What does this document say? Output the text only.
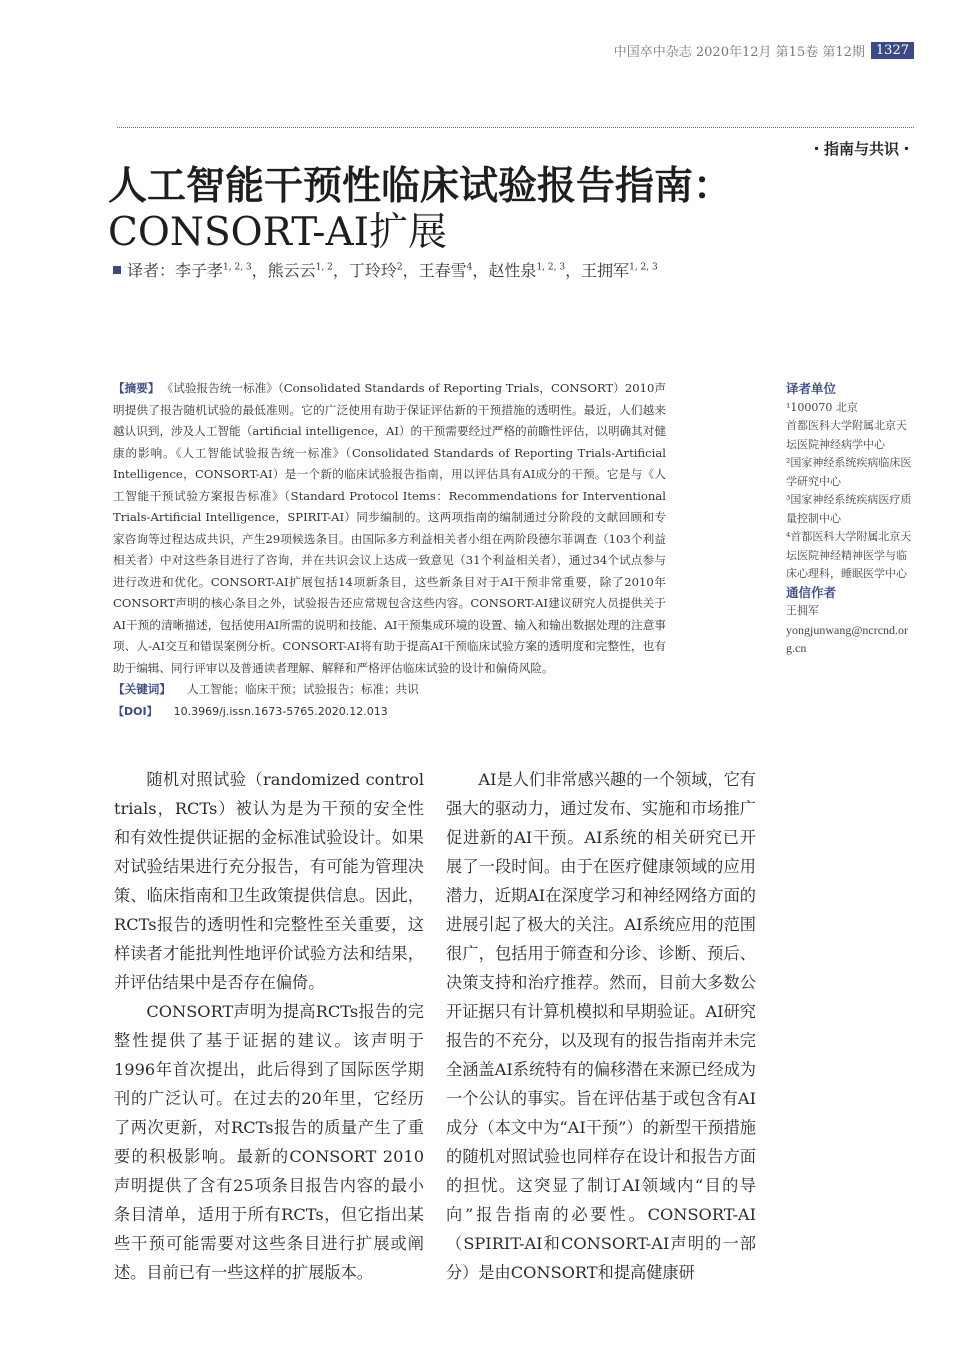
中国卒中杂志
2020年12月
第15卷
第12期 1327
・指南与共识・
人工智能干预性临床试验报告指南：
CONSORT-AI扩展
译者：李子孝$^{1, 2, 3}$，熊云云$^{1, 2}$，丁玲玲$^2$，王春雪$^4$，赵性泉$^{1, 2, 3}$，王拥军$^{1, 2, 3}$

【摘要】 《试验报告统一标准》（Consolidated Standards of Reporting Trials，CONSORT）2010声明提供了报告随机试验的最低准则。它的广泛使用有助于保证评估新的干预措施的透明性。最近，人们越来越认识到，涉及人工智能（artificial intelligence，AI）的干预需要经过严格的前瞻性评估，以明确其对健康的影响。《人工智能试验报告统一标准》（Consolidated Standards of Reporting Trials-Artificial Intelligence，CONSORT-AI）是一个新的临床试验报告指南，用以评估具有AI成分的干预。它是与《人工智能干预试验方案报告标准》（Standard Protocol Items：Recommendations for Interventional Trials-Artificial Intelligence，SPIRIT-AI）同步编制的。这两项指南的编制通过分阶段的文献回顾和专家咨询等过程达成共识，产生29项候选条目。由国际多方利益相关者小组在两阶段德尔菲调查（103个利益相关者）中对这些条目进行了咨询，并在共识会议上达成一致意见（31个利益相关者），通过34个试点参与进行改进和优化。CONSORT-AI扩展包括14项新条目，这些新条目对于AI干预非常重要，除了2010年CONSORT声明的核心条目之外，试验报告还应常规包含这些内容。CONSORT-AI建议研究人员提供关于AI干预的清晰描述，包括使用AI所需的说明和技能、AI干预集成环境的设置、输入和输出数据处理的注意事项、人-AI交互和错误案例分析。CONSORT-AI将有助于提高AI干预临床试验方案的透明度和完整性，也有助于编辑、同行评审以及普通读者理解、解释和严格评估临床试验的设计和偏倚风险。

【关键词】 人工智能；临床干预；试验报告；标准；共识

【DOI】 10.3969/j.issn.1673-5765.2020.12.013

译者单位

¹100070 北京

首都医科大学附属北京天坛医院神经病学中心

²国家神经系统疾病临床医学研究中心

³国家神经系统疾病医疗质量控制中心

⁴首都医科大学附属北京天坛医院神经精神医学与临床心理科，睡眠医学中心

通信作者

王拥军

yongjunwang@ncrcnd.org.cn

随机对照试验（randomized control trials，RCTs）被认为是为干预的安全性和有效性提供证据的金标准试验设计。如果对试验结果进行充分报告，有可能为管理决策、临床指南和卫生政策提供信息。因此，RCTs报告的透明性和完整性至关重要，这样读者才能批判性地评价试验方法和结果，并评估结果中是否存在偏倚。

CONSORT声明为提高RCTs报告的完整性提供了基于证据的建议。该声明于1996年首次提出，此后得到了国际医学期刊的广泛认可。在过去的20年里，它经历了两次更新，对RCTs报告的质量产生了重要的积极影响。最新的CONSORT 2010声明提供了含有25项条目报告内容的最小条目清单，适用于所有RCTs，但它指出某些干预可能需要对这些条目进行扩展或阐述。目前已有一些这样的扩展版本。

AI是人们非常感兴趣的一个领域，它有强大的驱动力，通过发布、实施和市场推广促进新的AI干预。AI系统的相关研究已开展了一段时间。由于在医疗健康领域的应用潜力，近期AI在深度学习和神经网络方面的进展引起了极大的关注。AI系统应用的范围很广，包括用于筛查和分诊、诊断、预后、决策支持和治疗推荐。然而，目前大多数公开证据只有计算机模拟和早期验证。AI研究报告的不充分，以及现有的报告指南并未完全涵盖AI系统特有的偏移潜在来源已经成为一个公认的事实。旨在评估基于或包含有AI成分（本文中为“AI干预”）的新型干预措施的随机对照试验也同样存在设计和报告方面的担忧。这突显了制订AI领域内“目的导向”报告指南的必要性。CONSORT-AI（SPIRIT-AI和CONSORT-AI声明的一部分）是由CONSORT和提高健康研
